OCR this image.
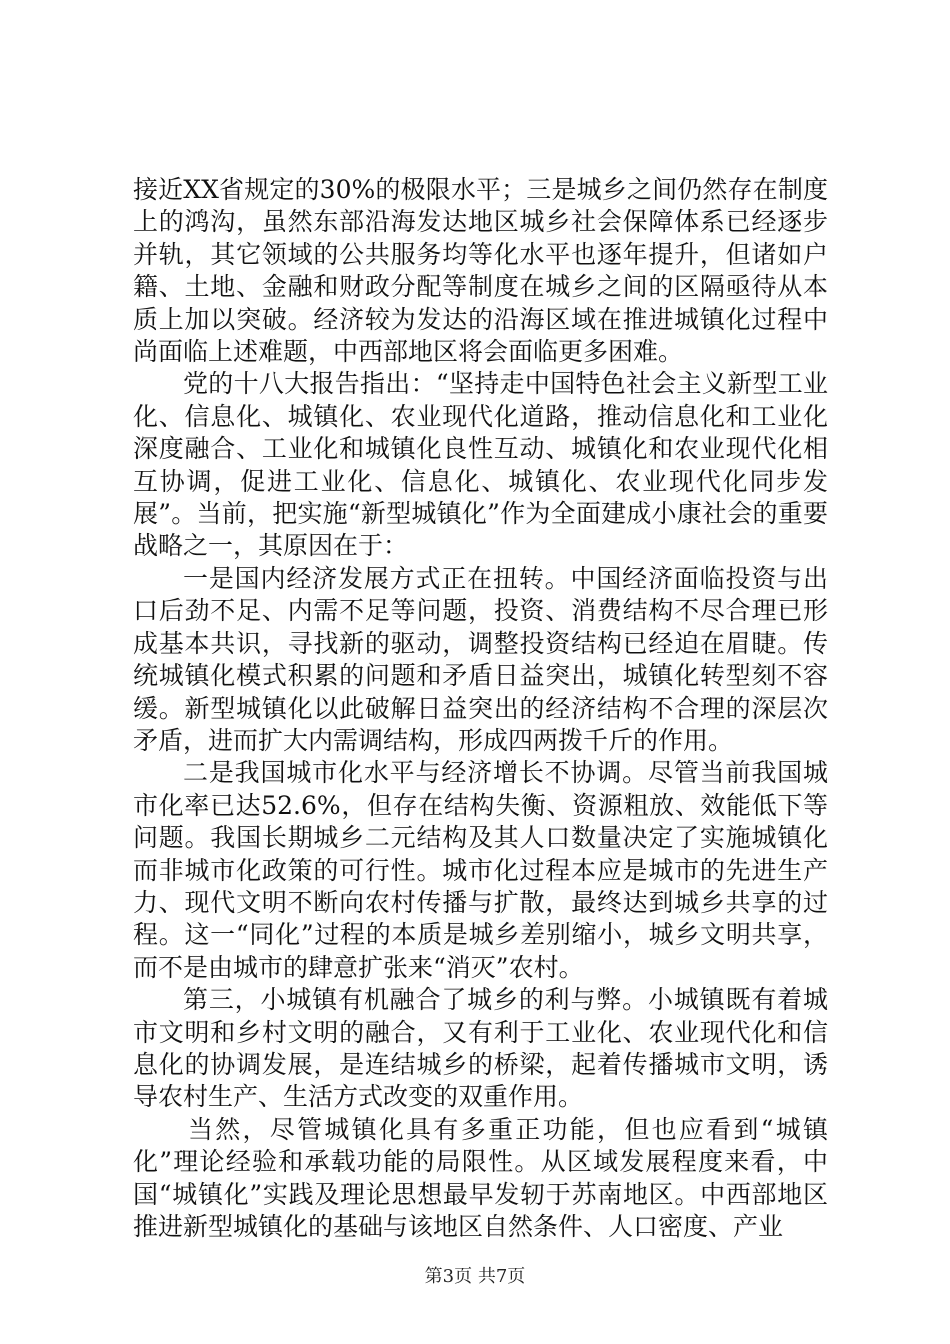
接近XX省规定的30%的极限水平；三是城乡之间仍然存在制度上的鸿沟，虽然东部沿海发达地区城乡社会保障体系已经逐步并轨，其它领域的公共服务均等化水平也逐年提升，但诸如户籍、土地、金融和财政分配等制度在城乡之间的区隔亟待从本质上加以突破。经济较为发达的沿海区域在推进城镇化过程中尚面临上述难题，中西部地区将会面临更多困难。

党的十八大报告指出：“坚持走中国特色社会主义新型工业化、信息化、城镇化、农业现代化道路，推动信息化和工业化深度融合、工业化和城镇化良性互动、城镇化和农业现代化相互协调，促进工业化、信息化、城镇化、农业现代化同步发展”。当前，把实施“新型城镇化”作为全面建成小康社会的重要战略之一，其原因在于：

一是国内经济发展方式正在扭转。中国经济面临投资与出口后劲不足、内需不足等问题，投资、消费结构不尽合理已形成基本共识，寻找新的驱动，调整投资结构已经迫在眉睫。传统城镇化模式积累的问题和矛盾日益突出，城镇化转型刻不容缓。新型城镇化以此破解日益突出的经济结构不合理的深层次矛盾，进而扩大内需调结构，形成四两拨千斤的作用。

二是我国城市化水平与经济增长不协调。尽管当前我国城市化率已达52.6%，但存在结构失衡、资源粗放、效能低下等问题。我国长期城乡二元结构及其人口数量决定了实施城镇化而非城市化政策的可行性。城市化过程本应是城市的先进生产力、现代文明不断向农村传播与扩散，最终达到城乡共享的过程。这一“同化”过程的本质是城乡差别缩小，城乡文明共享，而不是由城市的肆意扩张来“消灭”农村。

第三，小城镇有机融合了城乡的利与弊。小城镇既有着城市文明和乡村文明的融合，又有利于工业化、农业现代化和信息化的协调发展，是连结城乡的桥梁，起着传播城市文明，诱导农村生产、生活方式改变的双重作用。

当然，尽管城镇化具有多重正功能，但也应看到“城镇化”理论经验和承载功能的局限性。从区域发展程度来看，中国“城镇化”实践及理论思想最早发轫于苏南地区。中西部地区推进新型城镇化的基础与该地区自然条件、人口密度、产业

第3页 共7页
